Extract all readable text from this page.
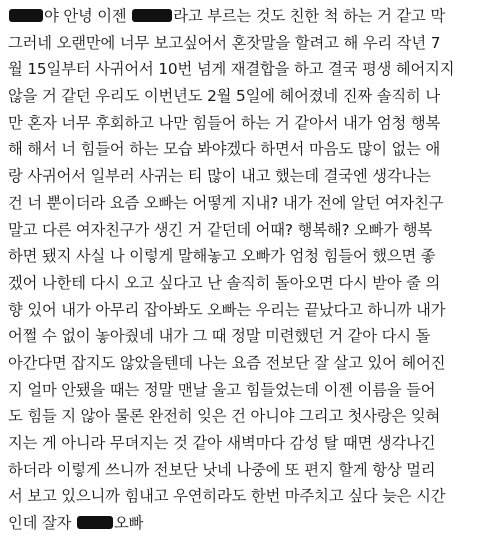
야 안녕 이젠	라고 부르는 것도 친한 척 하는 거 같고 막
그러네 오랜만에 너무 보고싶어서 혼잣말을 할려고 해 우리 작년 7
월 15일부터 사귀어서 10번 넘게 재결합을 하고 결국 평생 헤어지지
않을 거 같던 우리도 이번년도 2월 5일에 헤어졌네 진짜 솔직히 나
만 혼자 너무 후회하고 나만 힘들어 하는 거 같아서 내가 엄청 행복
해 해서 너 힘들어 하는 모습 봐야겠다 하면서 마음도 많이 없는 애
랑 사귀어서 일부러 사귀는 티 많이 내고 했는데 결국엔 생각나는
건 너 뿐이더라 요즘 오빠는 어떻게 지내? 내가 전에 알던 여자친구
말고 다른 여자친구가 생긴 거 같던데 어때? 행복해? 오빠가 행복
하면 됐지 사실 나 이렇게 말해놓고 오빠가 엄청 힘들어 했으면 좋
겠어 나한테 다시 오고 싶다고 난 솔직히 돌아오면 다시 받아 줄 의
향 있어 내가 아무리 잡아봐도 오빠는 우리는 끝났다고 하니까 내가
어쩔 수 없이 놓아줬네 내가 그 때 정말 미련했던 거 같아 다시 돌
아간다면 잡지도 않았을텐데 나는 요즘 전보단 잘 살고 있어 헤어진
지 얼마 안됐을 때는 정말 맨날 울고 힘들었는데 이젠 이름을 들어
도 힘들 지 않아 물론 완전히 잊은 건 아니야 그리고 첫사랑은 잊혀
지는 게 아니라 무뎌지는 것 같아 새벽마다 감성 탈 때면 생각나긴
하더라 이렇게 쓰니까 전보단 낫네 나중에 또 편지 할게 항상 멀리
서 보고 있으니까 힘내고 우연히라도 한번 마주치고 싶다 늦은 시간
인데 잘자 오빠
